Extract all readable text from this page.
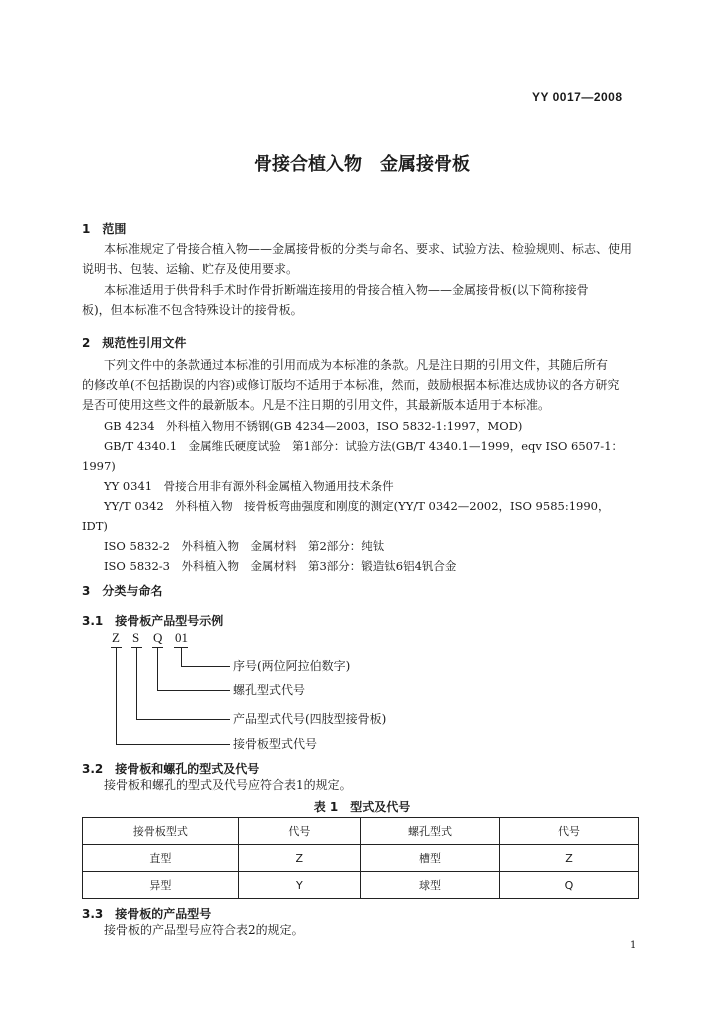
YY 0017—2008
骨接合植入物　金属接骨板
1　范围
本标准规定了骨接合植入物——金属接骨板的分类与命名、要求、试验方法、检验规则、标志、使用
说明书、包装、运输、贮存及使用要求。
本标准适用于供骨科手术时作骨折断端连接用的骨接合植入物——金属接骨板(以下简称接骨
板)，但本标准不包含特殊设计的接骨板。
2　规范性引用文件
下列文件中的条款通过本标准的引用而成为本标准的条款。凡是注日期的引用文件，其随后所有
的修改单(不包括勘误的内容)或修订版均不适用于本标准，然而，鼓励根据本标准达成协议的各方研究
是否可使用这些文件的最新版本。凡是不注日期的引用文件，其最新版本适用于本标准。
GB 4234　外科植入物用不锈钢(GB 4234—2003，ISO 5832-1:1997，MOD)
GB/T 4340.1　金属维氏硬度试验　第1部分：试验方法(GB/T 4340.1—1999，eqv ISO 6507-1：
1997)
YY 0341　骨接合用非有源外科金属植入物通用技术条件
YY/T 0342　外科植入物　接骨板弯曲强度和刚度的测定(YY/T 0342—2002，ISO 9585:1990，
IDT)
ISO 5832-2　外科植入物　金属材料　第2部分：纯钛
ISO 5832-3　外科植入物　金属材料　第3部分：锻造钛6铝4钒合金
3　分类与命名
3.1　接骨板产品型号示例
Z S Q 01
序号(两位阿拉伯数字)
螺孔型式代号
产品型式代号(四肢型接骨板)
接骨板型式代号
3.2　接骨板和螺孔的型式及代号
接骨板和螺孔的型式及代号应符合表1的规定。
表 1　型式及代号
接骨板型式	代号	螺孔型式	代号
直型	Z	槽型	Z
异型	Y	球型	Q
3.3　接骨板的产品型号
接骨板的产品型号应符合表2的规定。
1
